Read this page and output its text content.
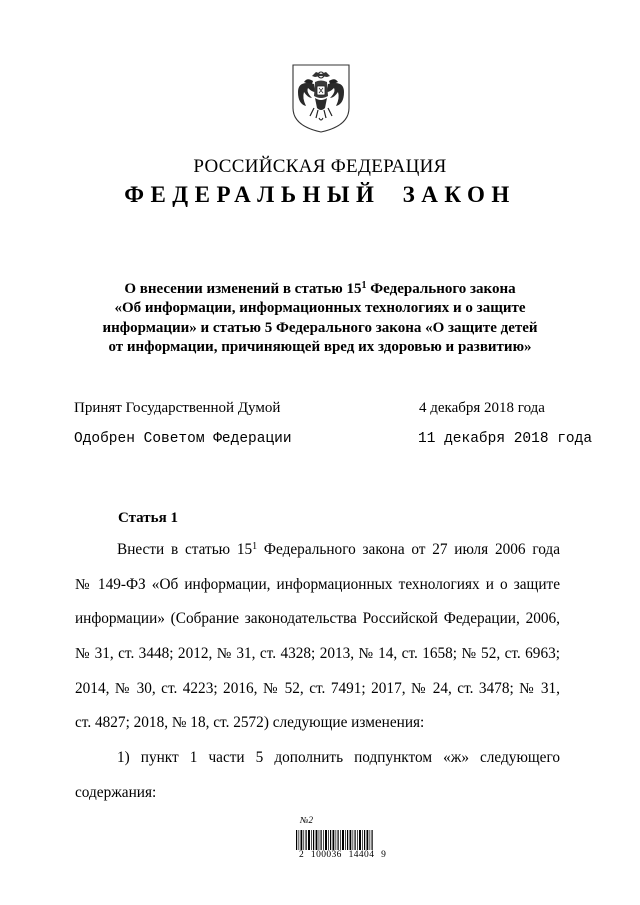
РОССИЙСКАЯ ФЕДЕРАЦИЯ
ФЕДЕРАЛЬНЫЙ ЗАКОН
О внесении изменений в статью $15^1$ Федерального закона
«Об информации, информационных технологиях и о защите
информации» и статью 5 Федерального закона «О защите детей
от информации, причиняющей вред их здоровью и развитию»
Принят Государственной Думой	4 декабря 2018 года
Одобрен Советом Федерации	11 декабря 2018 года
Статья 1
Внести в статью $15^1$ Федерального закона от 27 июля 2006 года
№ 149-ФЗ «Об информации, информационных технологиях и о защите
информации» (Собрание законодательства Российской Федерации, 2006,
№ 31, ст. 3448; 2012, № 31, ст. 4328; 2013, № 14, ст. 1658; № 52, ст. 6963;
2014, № 30, ст. 4223; 2016, № 52, ст. 7491; 2017, № 24, ст. 3478; № 31,
ст. 4827; 2018, № 18, ст. 2572) следующие изменения:
1) пункт 1 части 5 дополнить подпунктом «ж» следующего
содержания:
№2
2 100036 14404 9
